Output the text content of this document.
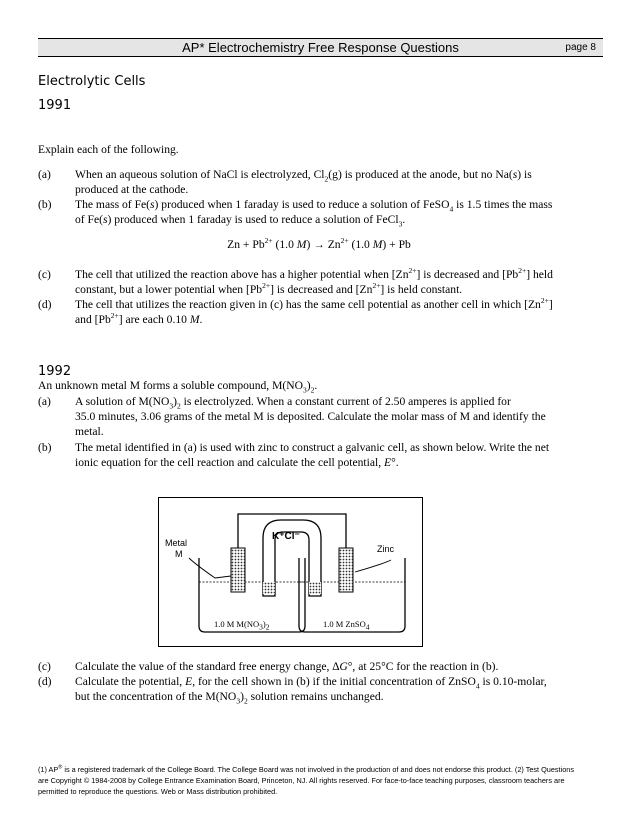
AP* Electrochemistry Free Response Questions	page 8
Electrolytic Cells
1991
Explain each of the following.
(a) When an aqueous solution of NaCl is electrolyzed, $Cl_2(g)$ is produced at the anode, but no Na(s) is
produced at the cathode.
(b) The mass of Fe(s) produced when 1 faraday is used to reduce a solution of FeSO$_4$ is 1.5 times the mass
of Fe(s) produced when 1 faraday is used to reduce a solution of FeCl$_3$.
$Zn + Pb^{2+}$ (1.0 $M) \to Zn^{2+}$ (1.0 M) + Pb
(c) The cell that utilized the reaction above has a higher potential when $[Zn^{2+}]$ is decreased and $[Pb^{2+}]$ held
constant, but a lower potential when $[Pb^{2+}]$ is decreased and $[Zn^{2+}]$ is held constant.
(d) The cell that utilizes the reaction given in (c) has the same cell potential as another cell in which $[Zn^{2+}]$
and $[Pb^{2+}]$ are each 0.10 M.
1992
An unknown metal M forms a soluble compound, $M(NO_3)_2$.
(a) A solution of $M(NO_3)_2$ is electrolyzed. When a constant current of 2.50 amperes is applied for
35.0 minutes, 3.06 grams of the metal M is deposited. Calculate the molar mass of M and identify the
metal.
(b) The metal identified in (a) is used with zinc to construct a galvanic cell, as shown below. Write the net
ionic equation for the cell reaction and calculate the cell potential, E°.
Metal
M
K⁺Cl⁻
Zinc
1.0 M $M(NO_3)_2$	1.0 M ZnSO$_4$
(c) Calculate the value of the standard free energy change, ∆G°, at 25°C for the reaction in (b).
(d) Calculate the potential, E, for the cell shown in (b) if the initial concentration of ZnSO$_4$ is 0.10-molar,
but the concentration of the $M(NO_3)_2$ solution remains unchanged.
(1) AP® is a registered trademark of the College Board. The College Board was not involved in the production of and does not endorse this product. (2) Test Questions
are Copyright © 1984-2008 by College Entrance Examination Board, Princeton, NJ. All rights reserved. For face-to-face teaching purposes, classroom teachers are
permitted to reproduce the questions. Web or Mass distribution prohibited.
